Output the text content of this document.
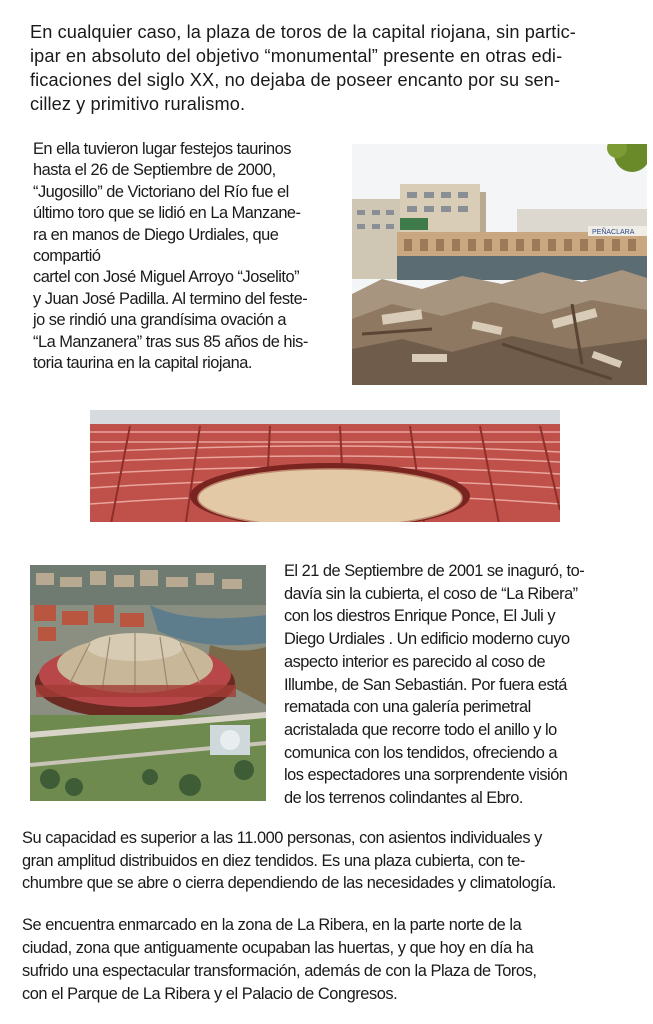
En cualquier caso, la plaza de toros de la capital riojana, sin partic-
ipar en absoluto del objetivo “monumental” presente en otras edi-
ficaciones del siglo XX, no dejaba de poseer encanto por su sen-
cillez y primitivo ruralismo.

En ella tuvieron lugar festejos taurinos
hasta el 26 de Septiembre de 2000,
“Jugosillo” de Victoriano del Río fue el
último toro que se lidió en La Manzane-
ra en manos de Diego Urdiales, que
compartió
cartel con José Miguel Arroyo “Joselito”
y Juan José Padilla. Al termino del feste-
jo se rindió una grandísima ovación a
“La Manzanera” tras sus 85 años de his-
toria taurina en la capital riojana.

PEÑACLARA

El 21 de Septiembre de 2001 se inaguró, to-
davía sin la cubierta, el coso de “La Ribera”
con los diestros Enrique Ponce, El Juli y
Diego Urdiales . Un edificio moderno cuyo
aspecto interior es parecido al coso de
Illumbe, de San Sebastián. Por fuera está
rematada con una galería perimetral
acristalada que recorre todo el anillo y lo
comunica con los tendidos, ofreciendo a
los espectadores una sorprendente visión
de los terrenos colindantes al Ebro.

Su capacidad es superior a las 11.000 personas, con asientos individuales y
gran amplitud distribuidos en diez tendidos. Es una plaza cubierta, con te-
chumbre que se abre o cierra dependiendo de las necesidades y climatología.

Se encuentra enmarcado en la zona de La Ribera, en la parte norte de la
ciudad, zona que antiguamente ocupaban las huertas, y que hoy en día ha
sufrido una espectacular transformación, además de con la Plaza de Toros,
con el Parque de La Ribera y el Palacio de Congresos.
